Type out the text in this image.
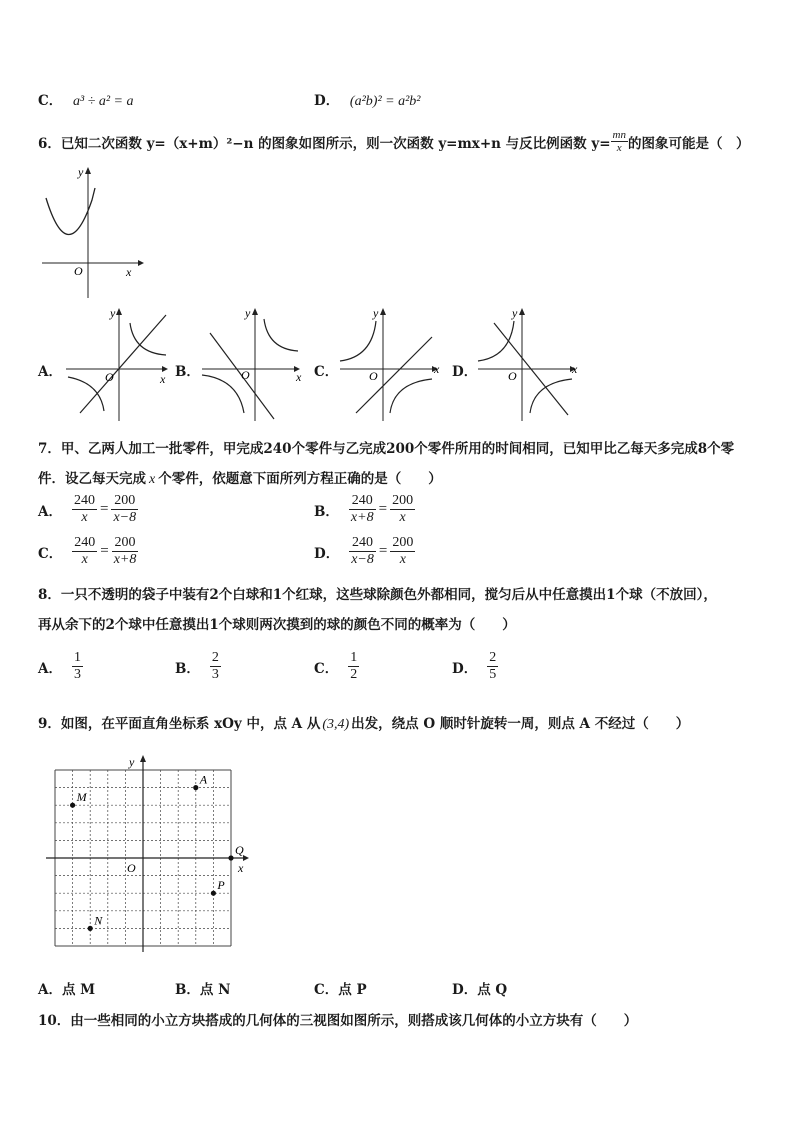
C． a³ ÷ a² = a	D． (a²b)² = a²b²
6．已知二次函数 y=（x+m）²−n 的图象如图所示，则一次函数 y=mx+n 与反比例函数 $y= \frac{mn}{x}$ 的图象可能是（　）
y
x
O
A．
y
x
O	B．
y
x
O	C．
y
x
O	D．
y
x
O
7．甲、乙两人加工一批零件，甲完成240个零件与乙完成200个零件所用的时间相同，已知甲比乙每天多完成8个零
件．设乙每天完成 x 个零件，依题意下面所列方程正确的是（　　）
A． $\frac{240}{x} = \frac{200}{x-8}$	B． $\frac{240}{x+8} = \frac{200}{x}$
C． $\frac{240}{x} = \frac{200}{x+8}$	D． $\frac{240}{x-8} = \frac{200}{x}$
8．一只不透明的袋子中装有2个白球和1个红球，这些球除颜色外都相同，搅匀后从中任意摸出1个球（不放回），
再从余下的2个球中任意摸出1个球则两次摸到的球的颜色不同的概率为（　　）
A． $\frac{1}{3}$	B． $\frac{2}{3}$	C． $\frac{1}{2}$	D． $\frac{2}{5}$
9．如图，在平面直角坐标系 xOy 中，点 A 从 (3,4) 出发，绕点 O 顺时针旋转一周，则点 A 不经过（　　）
x
y
O
A
M
Q
P
N
A．点 M	B．点 N	C．点 P	D．点 Q
10．由一些相同的小立方块搭成的几何体的三视图如图所示，则搭成该几何体的小立方块有（　　）
